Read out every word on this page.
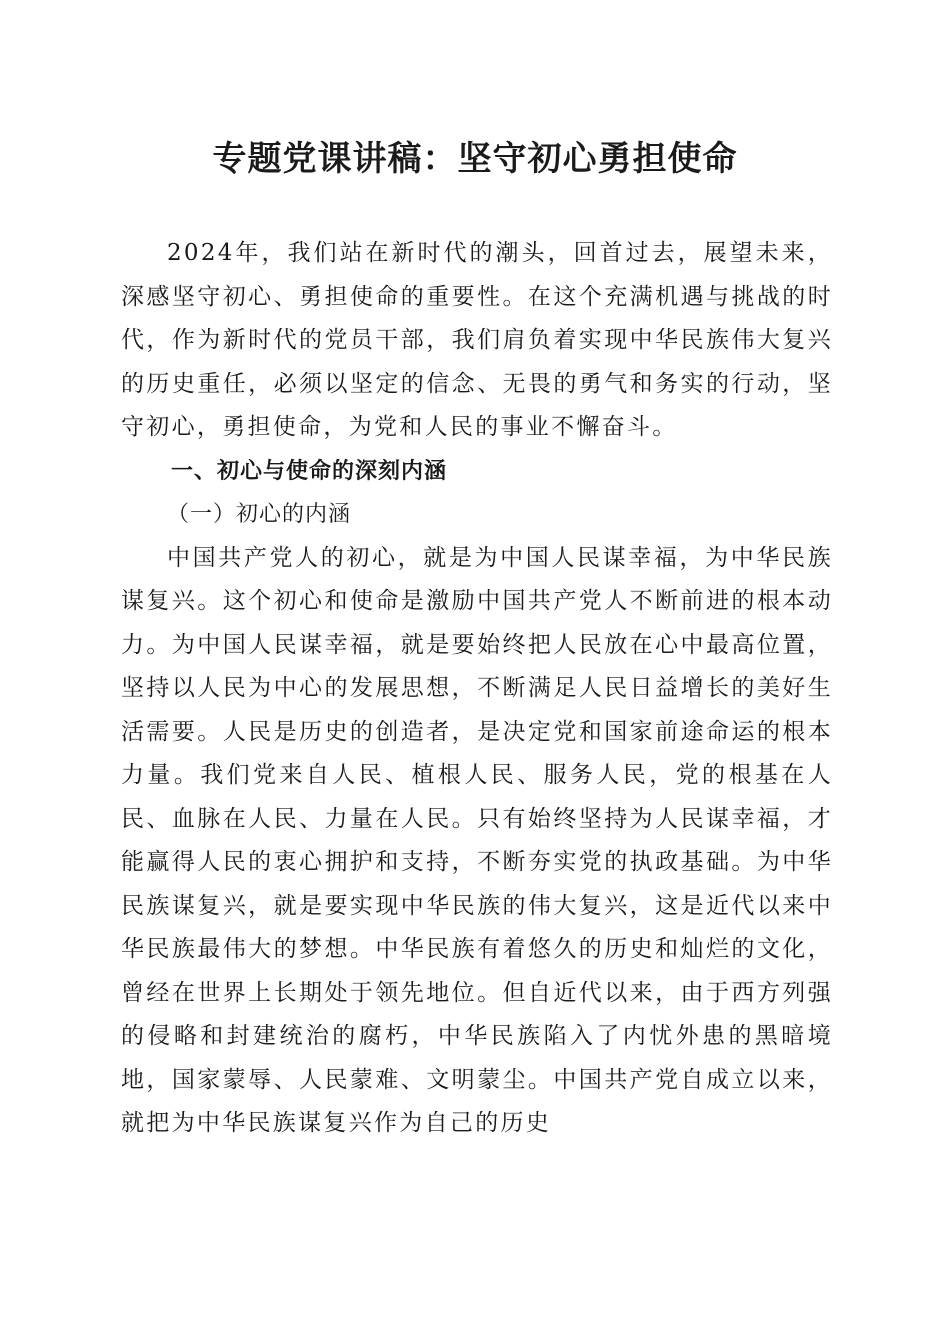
专题党课讲稿：坚守初心勇担使命

2024年，我们站在新时代的潮头，回首过去，展望未来，深感坚守初心、勇担使命的重要性。在这个充满机遇与挑战的时代，作为新时代的党员干部，我们肩负着实现中华民族伟大复兴的历史重任，必须以坚定的信念、无畏的勇气和务实的行动，坚守初心，勇担使命，为党和人民的事业不懈奋斗。

一、初心与使命的深刻内涵

（一）初心的内涵

中国共产党人的初心，就是为中国人民谋幸福，为中华民族谋复兴。这个初心和使命是激励中国共产党人不断前进的根本动力。为中国人民谋幸福，就是要始终把人民放在心中最高位置，坚持以人民为中心的发展思想，不断满足人民日益增长的美好生活需要。人民是历史的创造者，是决定党和国家前途命运的根本力量。我们党来自人民、植根人民、服务人民，党的根基在人民、血脉在人民、力量在人民。只有始终坚持为人民谋幸福，才能赢得人民的衷心拥护和支持，不断夯实党的执政基础。为中华民族谋复兴，就是要实现中华民族的伟大复兴，这是近代以来中华民族最伟大的梦想。中华民族有着悠久的历史和灿烂的文化，曾经在世界上长期处于领先地位。但自近代以来，由于西方列强的侵略和封建统治的腐朽，中华民族陷入了内忧外患的黑暗境地，国家蒙辱、人民蒙难、文明蒙尘。中国共产党自成立以来，就把为中华民族谋复兴作为自己的历史
